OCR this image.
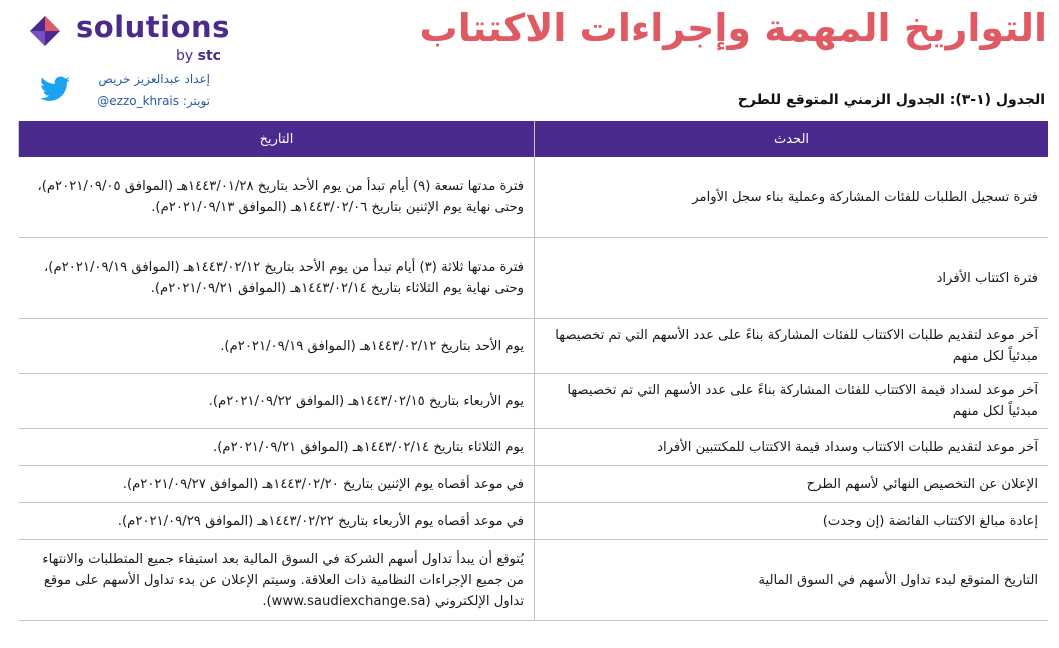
solutions
by stc
إعداد عبدالعزيز خريص
تويتر: ezzo_khrais@
التواريخ المهمة وإجراءات الاكتتاب
الجدول (١-٣): الجدول الزمني المتوقع للطرح
الحدث	التاريخ
فترة تسجيل الطلبات للفئات المشاركة وعملية بناء سجل الأوامر	فترة مدتها تسعة (٩) أيام تبدأ من يوم الأحد بتاريخ ١٤٤٣/٠١/٢٨هـ (الموافق ٢٠٢١/٠٩/٠٥م)، وحتى نهاية يوم الإثنين بتاريخ ١٤٤٣/٠٢/٠٦هـ (الموافق ٢٠٢١/٠٩/١٣م).
فترة اكتتاب الأفراد	فترة مدتها ثلاثة (٣) أيام تبدأ من يوم الأحد بتاريخ ١٤٤٣/٠٢/١٢هـ (الموافق ٢٠٢١/٠٩/١٩م)، وحتى نهاية يوم الثلاثاء بتاريخ ١٤٤٣/٠٢/١٤هـ (الموافق ٢٠٢١/٠٩/٢١م).
آخر موعد لتقديم طلبات الاكتتاب للفئات المشاركة بناءً على عدد الأسهم التي تم تخصيصها مبدئياً لكل منهم	يوم الأحد بتاريخ ١٤٤٣/٠٢/١٢هـ (الموافق ٢٠٢١/٠٩/١٩م).
آخر موعد لسداد قيمة الاكتتاب للفئات المشاركة بناءً على عدد الأسهم التي تم تخصيصها مبدئياً لكل منهم	يوم الأربعاء بتاريخ ١٤٤٣/٠٢/١٥هـ (الموافق ٢٠٢١/٠٩/٢٢م).
آخر موعد لتقديم طلبات الاكتتاب وسداد قيمة الاكتتاب للمكتتبين الأفراد	يوم الثلاثاء بتاريخ ١٤٤٣/٠٢/١٤هـ (الموافق ٢٠٢١/٠٩/٢١م).
الإعلان عن التخصيص النهائي لأسهم الطرح	في موعد أقصاه يوم الإثنين بتاريخ ١٤٤٣/٠٢/٢٠هـ (الموافق ٢٠٢١/٠٩/٢٧م).
إعادة مبالغ الاكتتاب الفائضة (إن وجدت)	في موعد أقصاه يوم الأربعاء بتاريخ ١٤٤٣/٠٢/٢٢هـ (الموافق ٢٠٢١/٠٩/٢٩م).
التاريخ المتوقع لبدء تداول الأسهم في السوق المالية	يُتوقع أن يبدأ تداول أسهم الشركة في السوق المالية بعد استيفاء جميع المتطلبات والانتهاء من جميع الإجراءات النظامية ذات العلاقة. وسيتم الإعلان عن بدء تداول الأسهم على موقع تداول الإلكتروني (www.saudiexchange.sa).
